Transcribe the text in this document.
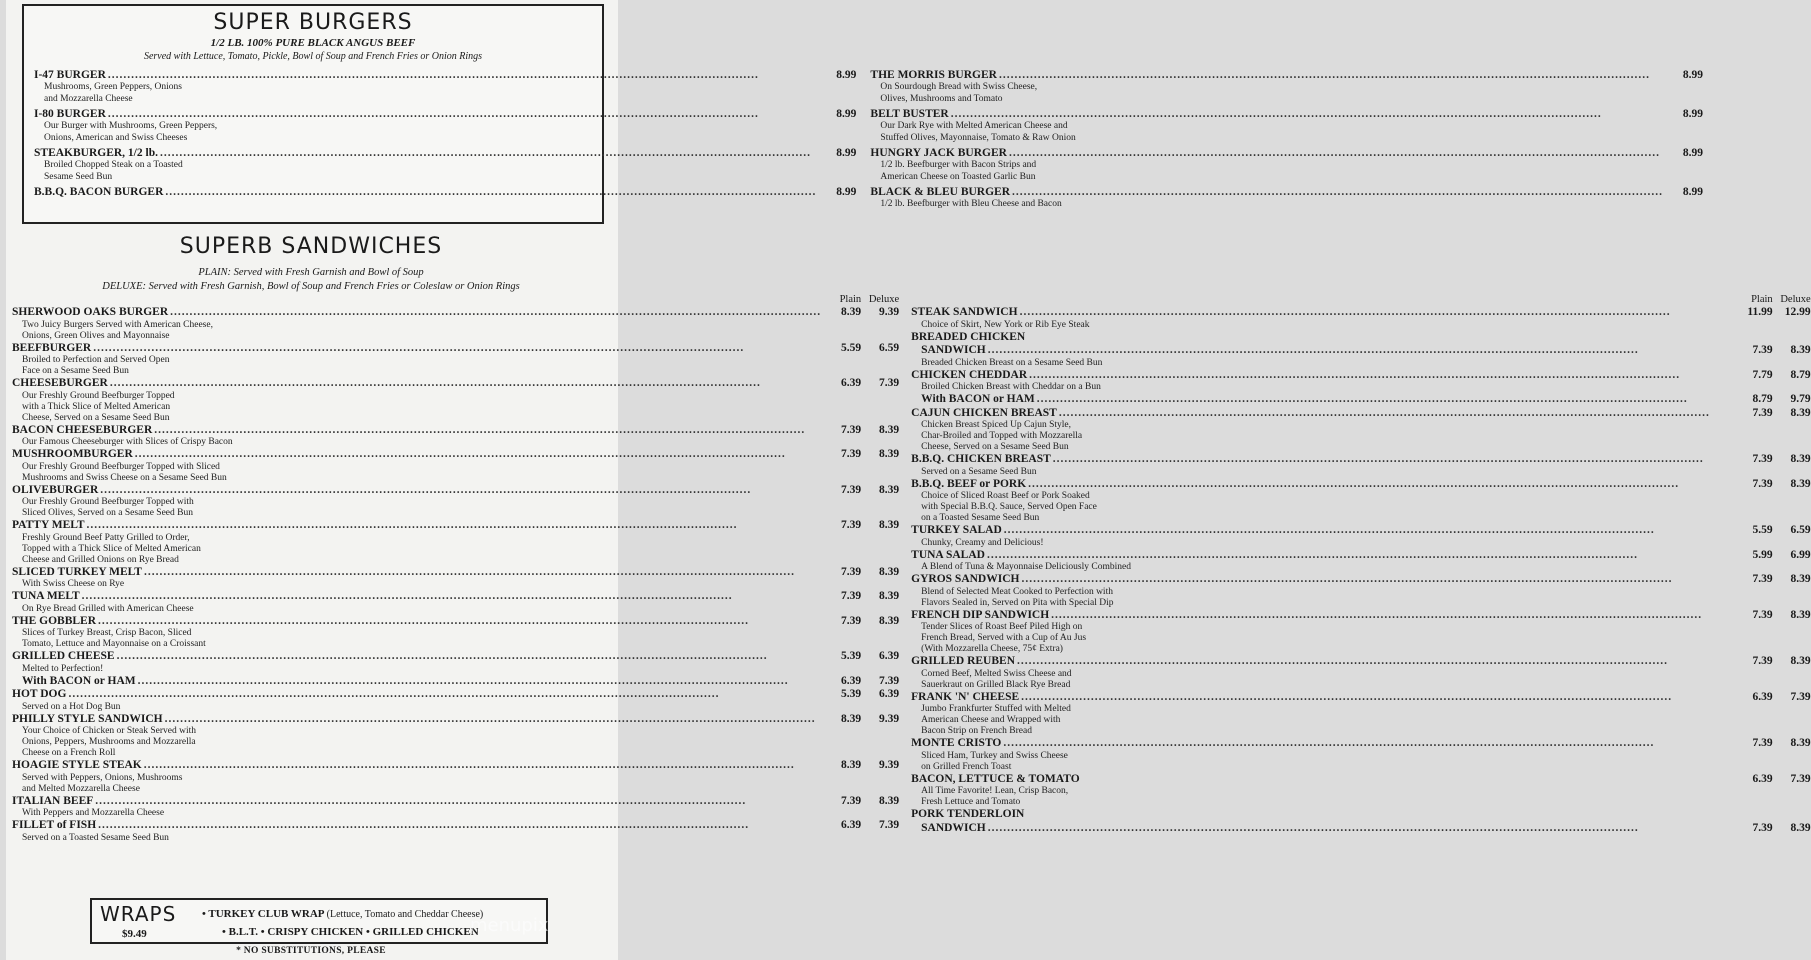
SUPER BURGERS
1/2 LB. 100% PURE BLACK ANGUS BEEF
Served with Lettuce, Tomato, Pickle, Bowl of Soup and French Fries or Onion Rings
I-47 BURGER .....	8.99
Mushrooms, Green Peppers, Onions
and Mozzarella Cheese
I-80 BURGER .....	8.99
Our Burger with Mushrooms, Green Peppers,
Onions, American and Swiss Cheeses
STEAKBURGER, 1/2 lb. .....	8.99
Broiled Chopped Steak on a Toasted
Sesame Seed Bun
B.B.Q. BACON BURGER .....	8.99
THE MORRIS BURGER .....	8.99
On Sourdough Bread with Swiss Cheese,
Olives, Mushrooms and Tomato
BELT BUSTER .....	8.99
Our Dark Rye with Melted American Cheese and
Stuffed Olives, Mayonnaise, Tomato & Raw Onion
HUNGRY JACK BURGER .....	8.99
1/2 lb. Beefburger with Bacon Strips and
American Cheese on Toasted Garlic Bun
BLACK & BLEU BURGER .....	8.99
1/2 lb. Beefburger with Bleu Cheese and Bacon
SUPERB SANDWICHES
PLAIN: Served with Fresh Garnish and Bowl of Soup
DELUXE: Served with Fresh Garnish, Bowl of Soup and French Fries or Coleslaw or Onion Rings
Plain Deluxe
SHERWOOD OAKS BURGER .....	8.39	9.39
Two Juicy Burgers Served with American Cheese,
Onions, Green Olives and Mayonnaise
BEEFBURGER .....	5.59	6.59
Broiled to Perfection and Served Open
Face on a Sesame Seed Bun
CHEESEBURGER .....	6.39	7.39
Our Freshly Ground Beefburger Topped
with a Thick Slice of Melted American
Cheese, Served on a Sesame Seed Bun
BACON CHEESEBURGER .....	7.39	8.39
Our Famous Cheeseburger with Slices of Crispy Bacon
MUSHROOMBURGER .....	7.39	8.39
Our Freshly Ground Beefburger Topped with Sliced
Mushrooms and Swiss Cheese on a Sesame Seed Bun
OLIVEBURGER .....	7.39	8.39
Our Freshly Ground Beefburger Topped with
Sliced Olives, Served on a Sesame Seed Bun
PATTY MELT .....	7.39	8.39
Freshly Ground Beef Patty Grilled to Order,
Topped with a Thick Slice of Melted American
Cheese and Grilled Onions on Rye Bread
SLICED TURKEY MELT .....	7.39	8.39
With Swiss Cheese on Rye
TUNA MELT .....	7.39	8.39
On Rye Bread Grilled with American Cheese
THE GOBBLER .....	7.39	8.39
Slices of Turkey Breast, Crisp Bacon, Sliced
Tomato, Lettuce and Mayonnaise on a Croissant
GRILLED CHEESE .....	5.39	6.39
Melted to Perfection!
With BACON or HAM .....	6.39	7.39
HOT DOG .....	5.39	6.39
Served on a Hot Dog Bun
PHILLY STYLE SANDWICH .....	8.39	9.39
Your Choice of Chicken or Steak Served with
Onions, Peppers, Mushrooms and Mozzarella
Cheese on a French Roll
HOAGIE STYLE STEAK .....	8.39	9.39
Served with Peppers, Onions, Mushrooms
and Melted Mozzarella Cheese
ITALIAN BEEF .....	7.39	8.39
With Peppers and Mozzarella Cheese
FILLET of FISH .....	6.39	7.39
Served on a Toasted Sesame Seed Bun
Plain Deluxe
STEAK SANDWICH .....	11.99	12.99
Choice of Skirt, New York or Rib Eye Steak
BREADED CHICKEN
SANDWICH .....	7.39	8.39
Breaded Chicken Breast on a Sesame Seed Bun
CHICKEN CHEDDAR .....	7.79	8.79
Broiled Chicken Breast with Cheddar on a Bun
With BACON or HAM .....	8.79	9.79
CAJUN CHICKEN BREAST .....	7.39	8.39
Chicken Breast Spiced Up Cajun Style,
Char-Broiled and Topped with Mozzarella
Cheese, Served on a Sesame Seed Bun
B.B.Q. CHICKEN BREAST .....	7.39	8.39
Served on a Sesame Seed Bun
B.B.Q. BEEF or PORK .....	7.39	8.39
Choice of Sliced Roast Beef or Pork Soaked
with Special B.B.Q. Sauce, Served Open Face
on a Toasted Sesame Seed Bun
TURKEY SALAD .....	5.59	6.59
Chunky, Creamy and Delicious!
TUNA SALAD .....	5.99	6.99
A Blend of Tuna & Mayonnaise Deliciously Combined
GYROS SANDWICH .....	7.39	8.39
Blend of Selected Meat Cooked to Perfection with
Flavors Sealed in, Served on Pita with Special Dip
FRENCH DIP SANDWICH .....	7.39	8.39
Tender Slices of Roast Beef Piled High on
French Bread, Served with a Cup of Au Jus
(With Mozzarella Cheese, 75¢ Extra)
GRILLED REUBEN .....	7.39	8.39
Corned Beef, Melted Swiss Cheese and
Sauerkraut on Grilled Black Rye Bread
FRANK 'N' CHEESE .....	6.39	7.39
Jumbo Frankfurter Stuffed with Melted
American Cheese and Wrapped with
Bacon Strip on French Bread
MONTE CRISTO .....	7.39	8.39
Sliced Ham, Turkey and Swiss Cheese
on Grilled French Toast
BACON, LETTUCE & TOMATO	6.39	7.39
All Time Favorite! Lean, Crisp Bacon,
Fresh Lettuce and Tomato
PORK TENDERLOIN
SANDWICH .....	7.39	8.39
WRAPS
$9.49
• TURKEY CLUB WRAP (Lettuce, Tomato and Cheddar Cheese)
• B.L.T. • CRISPY CHICKEN • GRILLED CHICKEN
* NO SUBSTITUTIONS, PLEASE
menupix
